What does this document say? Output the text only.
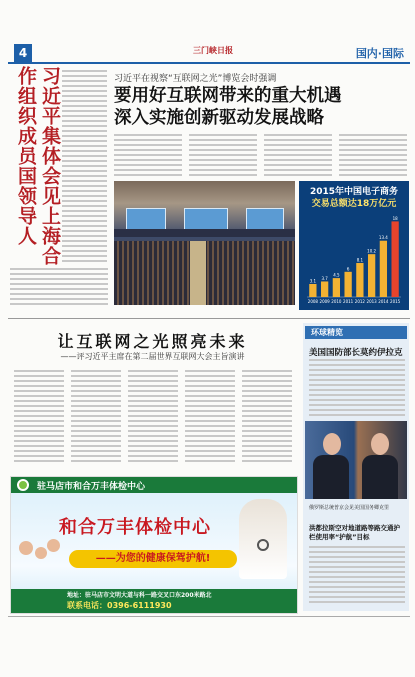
4	三门峡日报	国内·国际
习近平集体会见上海合作组织成员国领导人	习近平在视察“互联网之光”博览会时强调
要用好互联网带来的重大机遇
深入实施创新驱动发展战略
2015年中国电子商务
交易总额达18万亿元
3.1
2008
3.7
2009
4.5
2010
6
2011
8.1
2012
10.2
2013
13.4
2014
18
2015
让互联网之光照亮未来
——评习近平主席在第二届世界互联网大会主旨演讲
环球精览
美国国防部长莫约伊拉克
俄罗斯总统普京会见美国国务卿克里
洪都拉斯空对地道路等路交通护栏使用率“护航”目标
驻马店市和合万丰体检中心
和合万丰体检中心
——为您的健康保驾护航!
地址：驻马店市文明大道与科一路交叉口东200米路北
联系电话：0396-6111930
